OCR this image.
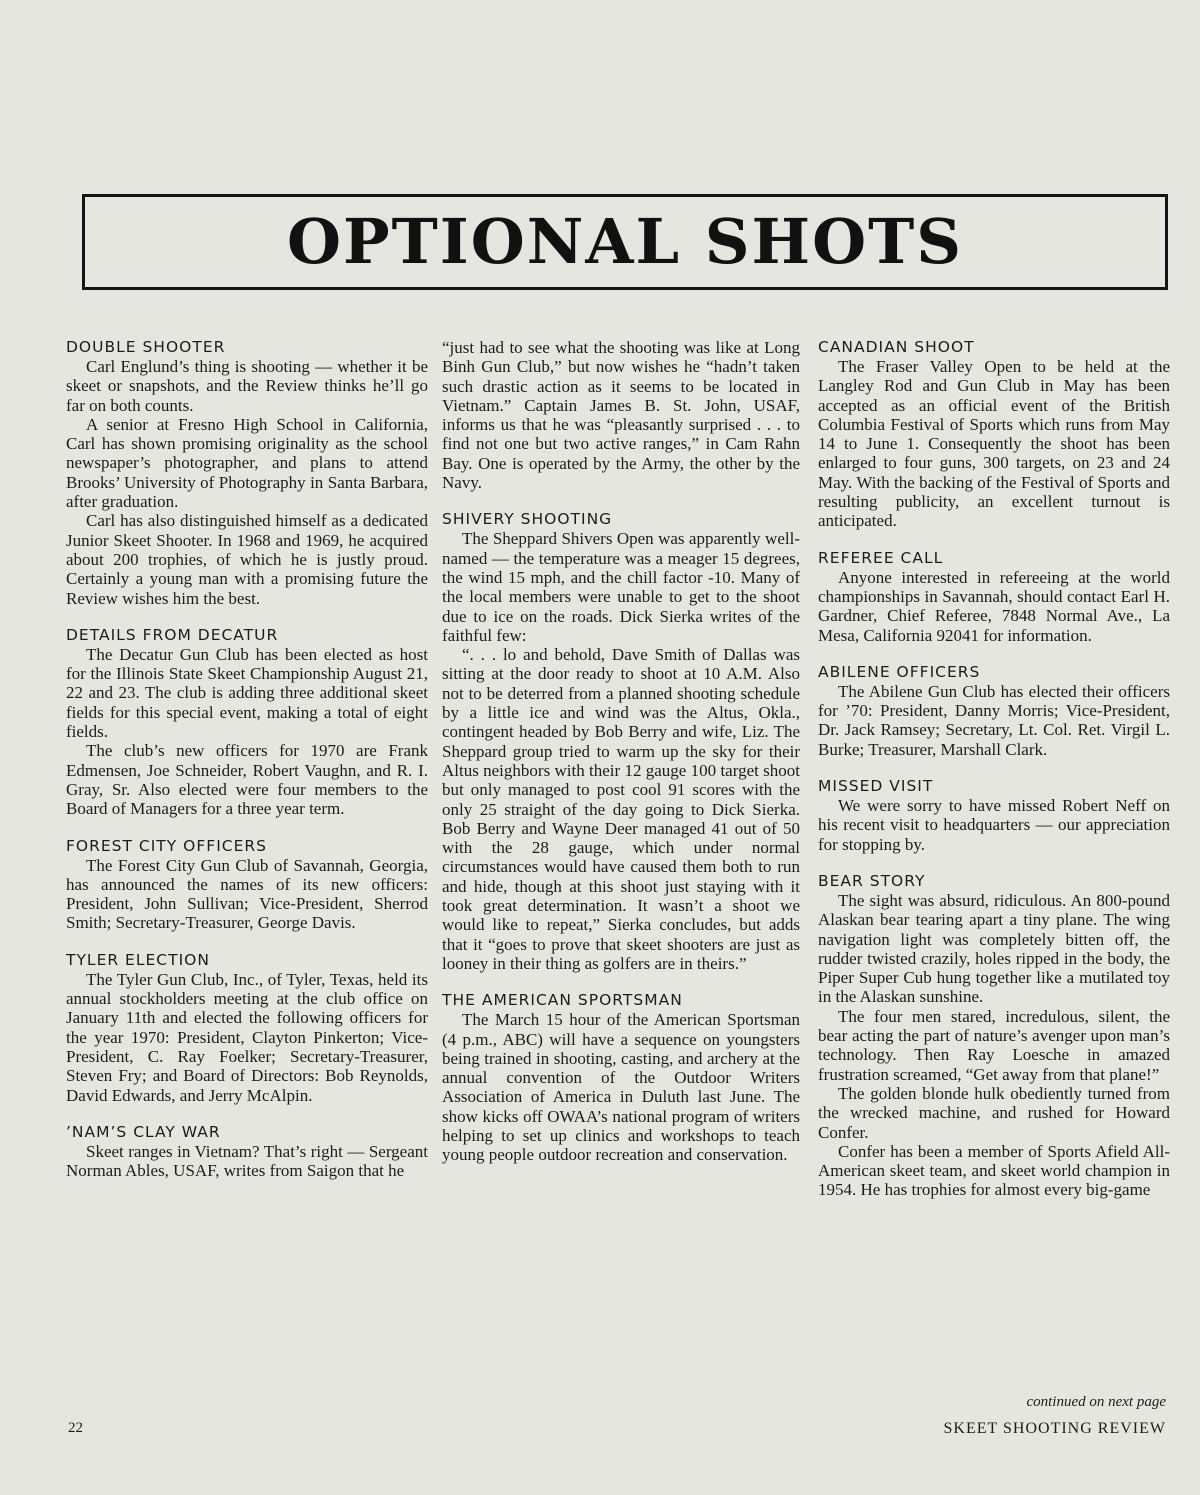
OPTIONAL SHOTS
DOUBLE SHOOTER

Carl Englund’s thing is shooting — whether it be skeet or snapshots, and the Review thinks he’ll go far on both counts.

A senior at Fresno High School in California, Carl has shown promising originality as the school newspaper’s photographer, and plans to attend Brooks’ University of Photography in Santa Barbara, after graduation.

Carl has also distinguished himself as a dedicated Junior Skeet Shooter. In 1968 and 1969, he acquired about 200 trophies, of which he is justly proud. Certainly a young man with a promising future the Review wishes him the best.

DETAILS FROM DECATUR

The Decatur Gun Club has been elected as host for the Illinois State Skeet Championship August 21, 22 and 23. The club is adding three additional skeet fields for this special event, making a total of eight fields.

The club’s new officers for 1970 are Frank Edmensen, Joe Schneider, Robert Vaughn, and R. I. Gray, Sr. Also elected were four members to the Board of Managers for a three year term.

FOREST CITY OFFICERS

The Forest City Gun Club of Savannah, Georgia, has announced the names of its new officers: President, John Sullivan; Vice-President, Sherrod Smith; Secretary-Treasurer, George Davis.

TYLER ELECTION

The Tyler Gun Club, Inc., of Tyler, Texas, held its annual stockholders meeting at the club office on January 11th and elected the following officers for the year 1970: President, Clayton Pinkerton; Vice-President, C. Ray Foelker; Secretary-Treasurer, Steven Fry; and Board of Directors: Bob Reynolds, David Edwards, and Jerry McAlpin.

’NAM’S CLAY WAR

Skeet ranges in Vietnam? That’s right — Sergeant Norman Ables, USAF, writes from Saigon that he

“just had to see what the shooting was like at Long Binh Gun Club,” but now wishes he “hadn’t taken such drastic action as it seems to be located in Vietnam.” Captain James B. St. John, USAF, informs us that he was “pleasantly surprised . . . to find not one but two active ranges,” in Cam Rahn Bay. One is operated by the Army, the other by the Navy.

SHIVERY SHOOTING

The Sheppard Shivers Open was apparently well-named — the temperature was a meager 15 degrees, the wind 15 mph, and the chill factor -10. Many of the local members were unable to get to the shoot due to ice on the roads. Dick Sierka writes of the faithful few:

“. . . lo and behold, Dave Smith of Dallas was sitting at the door ready to shoot at 10 A.M. Also not to be deterred from a planned shooting schedule by a little ice and wind was the Altus, Okla., contingent headed by Bob Berry and wife, Liz. The Sheppard group tried to warm up the sky for their Altus neighbors with their 12 gauge 100 target shoot but only managed to post cool 91 scores with the only 25 straight of the day going to Dick Sierka. Bob Berry and Wayne Deer managed 41 out of 50 with the 28 gauge, which under normal circumstances would have caused them both to run and hide, though at this shoot just staying with it took great determination. It wasn’t a shoot we would like to repeat,” Sierka concludes, but adds that it “goes to prove that skeet shooters are just as looney in their thing as golfers are in theirs.”

THE AMERICAN SPORTSMAN

The March 15 hour of the American Sportsman (4 p.m., ABC) will have a sequence on youngsters being trained in shooting, casting, and archery at the annual convention of the Outdoor Writers Association of America in Duluth last June. The show kicks off OWAA’s national program of writers helping to set up clinics and workshops to teach young people outdoor recreation and conservation.

CANADIAN SHOOT

The Fraser Valley Open to be held at the Langley Rod and Gun Club in May has been accepted as an official event of the British Columbia Festival of Sports which runs from May 14 to June 1. Consequently the shoot has been enlarged to four guns, 300 targets, on 23 and 24 May. With the backing of the Festival of Sports and resulting publicity, an excellent turnout is anticipated.

REFEREE CALL

Anyone interested in refereeing at the world championships in Savannah, should contact Earl H. Gardner, Chief Referee, 7848 Normal Ave., La Mesa, California 92041 for information.

ABILENE OFFICERS

The Abilene Gun Club has elected their officers for ’70: President, Danny Morris; Vice-President, Dr. Jack Ramsey; Secretary, Lt. Col. Ret. Virgil L. Burke; Treasurer, Marshall Clark.

MISSED VISIT

We were sorry to have missed Robert Neff on his recent visit to headquarters — our appreciation for stopping by.

BEAR STORY

The sight was absurd, ridiculous. An 800-pound Alaskan bear tearing apart a tiny plane. The wing navigation light was completely bitten off, the rudder twisted crazily, holes ripped in the body, the Piper Super Cub hung together like a mutilated toy in the Alaskan sunshine.

The four men stared, incredulous, silent, the bear acting the part of nature’s avenger upon man’s technology. Then Ray Loesche in amazed frustration screamed, “Get away from that plane!”

The golden blonde hulk obediently turned from the wrecked machine, and rushed for Howard Confer.

Confer has been a member of Sports Afield All-American skeet team, and skeet world champion in 1954. He has trophies for almost every big-game

22
continued on next page
SKEET SHOOTING REVIEW
